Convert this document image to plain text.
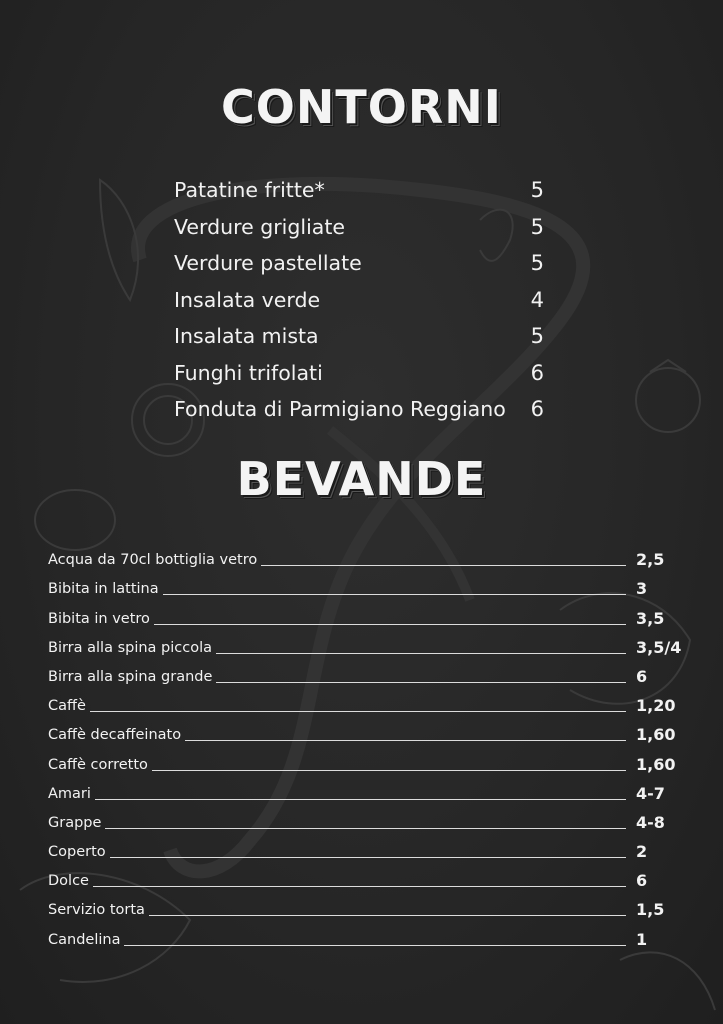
CONTORNI
Patatine fritte*	5
Verdure grigliate	5
Verdure pastellate	5
Insalata verde	4
Insalata mista	5
Funghi trifolati	6
Fonduta di Parmigiano Reggiano 6
BEVANDE
Acqua da 70cl bottiglia vetro	2,5
Bibita in lattina	3
Bibita in vetro	3,5
Birra alla spina piccola	3,5/4
Birra alla spina grande	6
Caffè	1,20
Caffè decaffeinato	1,60
Caffè corretto	1,60
Amari	4-7
Grappe	4-8
Coperto	2
Dolce	6
Servizio torta	1,5
Candelina	1
